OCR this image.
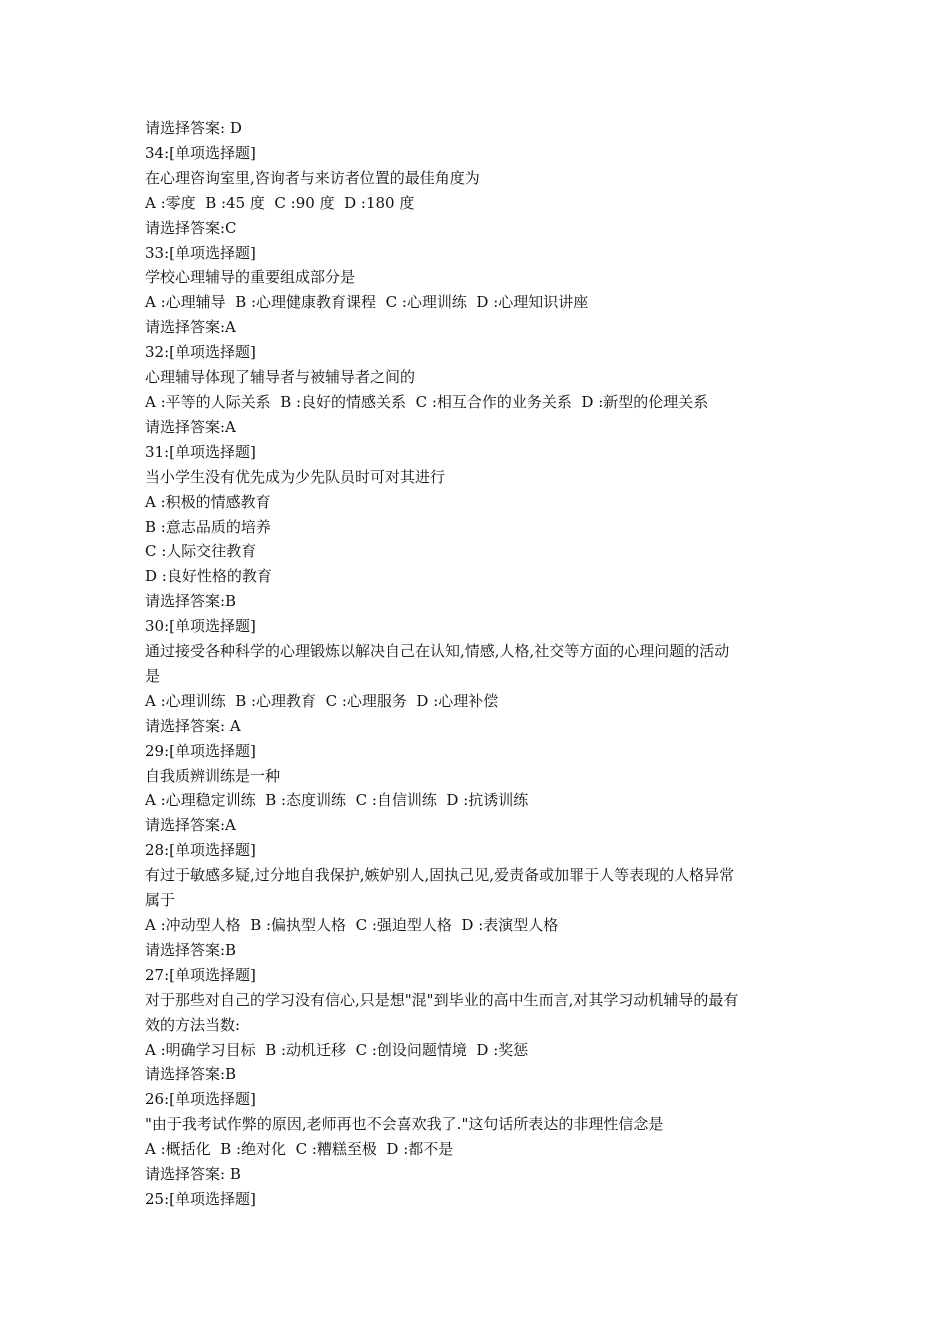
请选择答案: D
34:[单项选择题]
在心理咨询室里,咨询者与来访者位置的最佳角度为
A :零度  B :45 度  C :90 度  D :180 度
请选择答案:C
33:[单项选择题]
学校心理辅导的重要组成部分是
A :心理辅导  B :心理健康教育课程  C :心理训练  D :心理知识讲座
请选择答案:A
32:[单项选择题]
心理辅导体现了辅导者与被辅导者之间的
A :平等的人际关系  B :良好的情感关系  C :相互合作的业务关系  D :新型的伦理关系
请选择答案:A
31:[单项选择题]
当小学生没有优先成为少先队员时可对其进行
A :积极的情感教育
B :意志品质的培养
C :人际交往教育
D :良好性格的教育
请选择答案:B
30:[单项选择题]
通过接受各种科学的心理锻炼以解决自己在认知,情感,人格,社交等方面的心理问题的活动
是
A :心理训练  B :心理教育  C :心理服务  D :心理补偿
请选择答案: A
29:[单项选择题]
自我质辨训练是一种
A :心理稳定训练  B :态度训练  C :自信训练  D :抗诱训练
请选择答案:A
28:[单项选择题]
有过于敏感多疑,过分地自我保护,嫉妒别人,固执己见,爱责备或加罪于人等表现的人格异常
属于
A :冲动型人格  B :偏执型人格  C :强迫型人格  D :表演型人格
请选择答案:B
27:[单项选择题]
对于那些对自己的学习没有信心,只是想"混"到毕业的高中生而言,对其学习动机辅导的最有
效的方法当数:
A :明确学习目标  B :动机迁移  C :创设问题情境  D :奖惩
请选择答案:B
26:[单项选择题]
"由于我考试作弊的原因,老师再也不会喜欢我了."这句话所表达的非理性信念是
A :概括化  B :绝对化  C :糟糕至极  D :都不是
请选择答案: B
25:[单项选择题]
